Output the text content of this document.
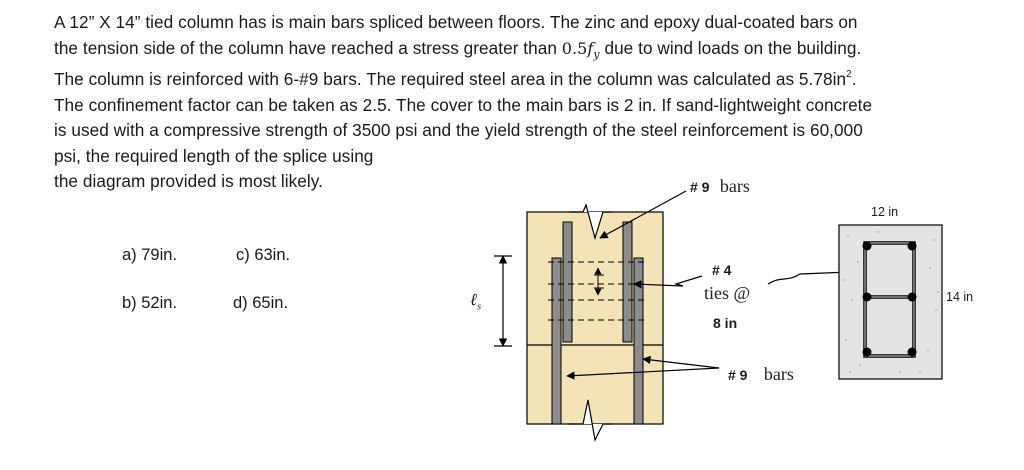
A 12” X 14” tied column has is main bars spliced between floors. The zinc and epoxy dual-coated bars on
the tension side of the column have reached a stress greater than $0.5f_y$ due to wind loads on the building.
The column is reinforced with 6-#9 bars. The required steel area in the column was calculated as $5.78in^2$.
The confinement factor can be taken as 2.5. The cover to the main bars is 2 in. If sand-lightweight concrete
is used with a compressive strength of 3500 psi and the yield strength of the steel reinforcement is 60,000
psi, the required length of the splice using
the diagram provided is most likely.
a) 79in.	c) 63in.
b) 52in.	d) 65in.	ℓ$_s$
# 9 bars
# 4
ties @
8 in
# 9 bars
12 in
14 in
